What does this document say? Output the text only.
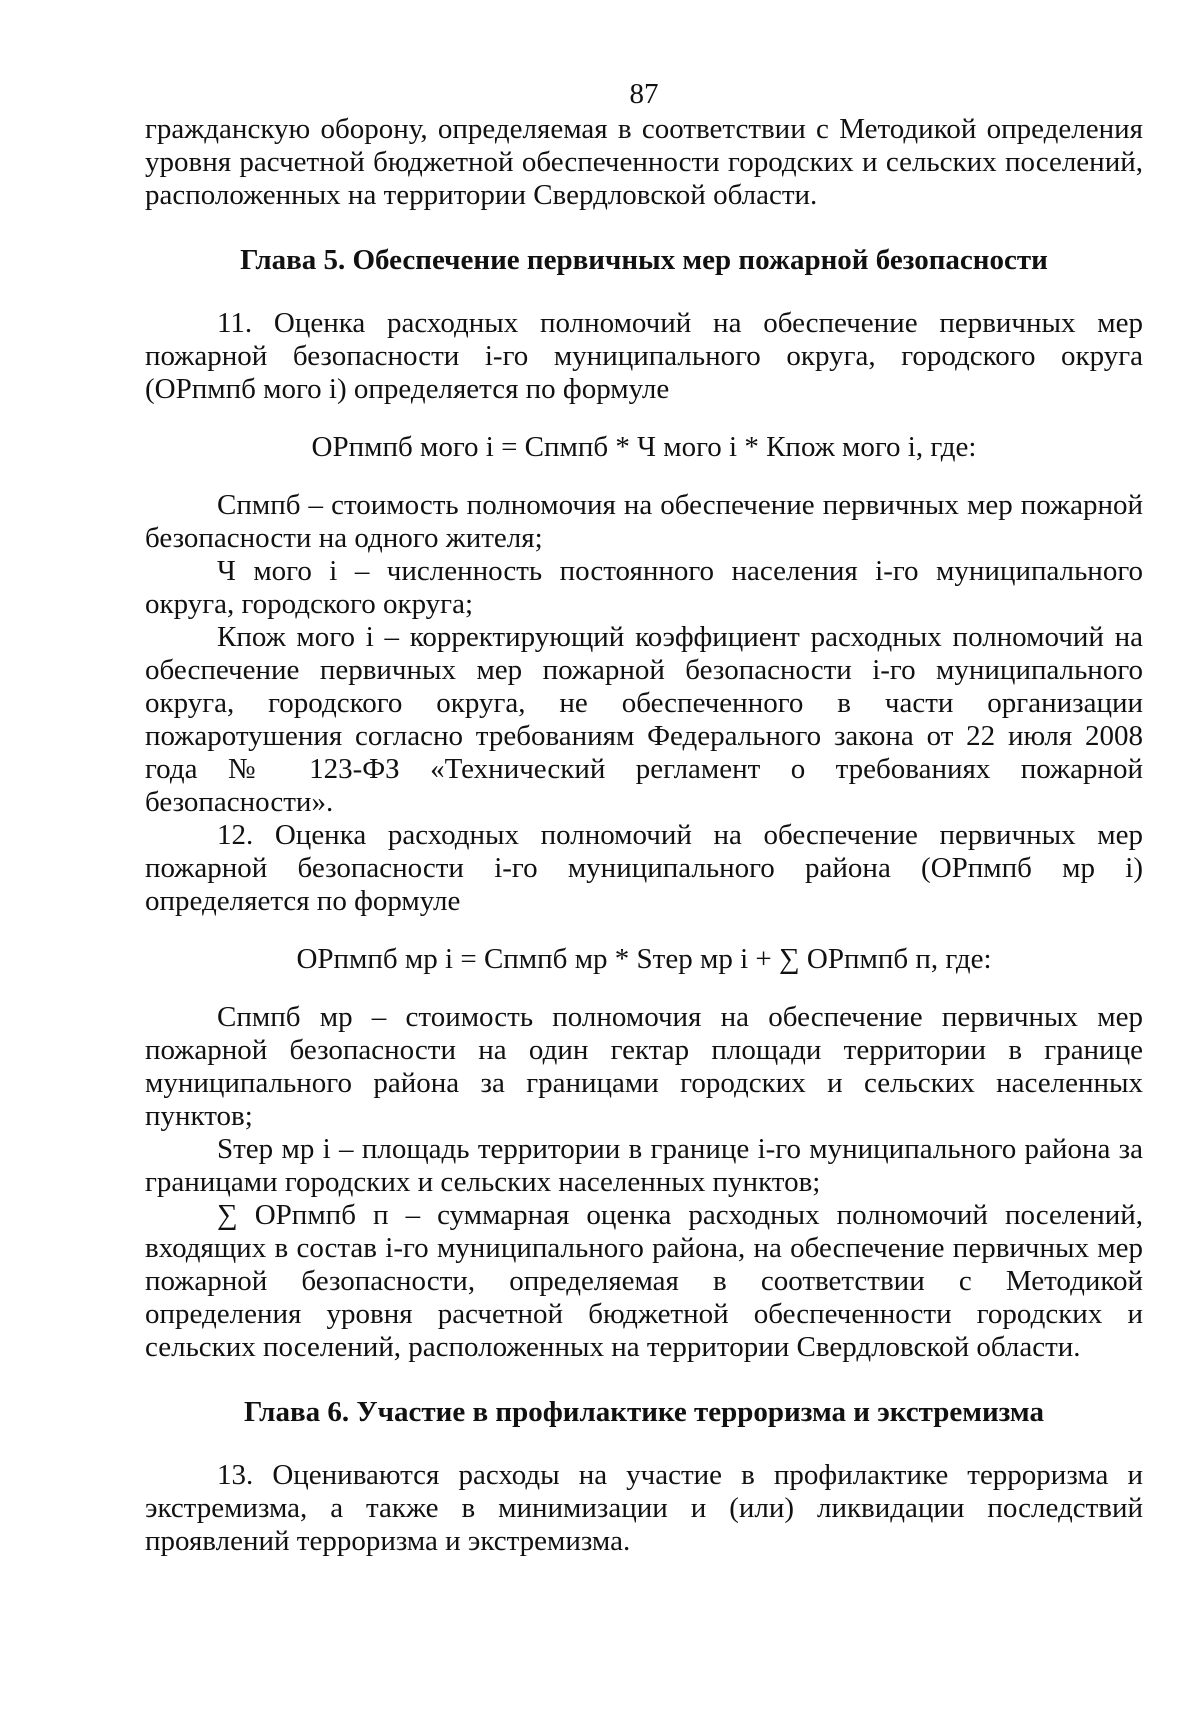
87

гражданскую оборону, определяемая в соответствии с Методикой определения уровня расчетной бюджетной обеспеченности городских и сельских поселений, расположенных на территории Свердловской области.

Глава 5. Обеспечение первичных мер пожарной безопасности

11. Оценка расходных полномочий на обеспечение первичных мер пожарной безопасности i-го муниципального округа, городского округа (ОРпмпб мого i) определяется по формуле

ОРпмпб мого i = Спмпб * Ч мого i * Кпож мого i, где:

Спмпб – стоимость полномочия на обеспечение первичных мер пожарной безопасности на одного жителя;

Ч мого i – численность постоянного населения i-го муниципального округа, городского округа;

Кпож мого i – корректирующий коэффициент расходных полномочий на обеспечение первичных мер пожарной безопасности i-го муниципального округа, городского округа, не обеспеченного в части организации пожаротушения согласно требованиям Федерального закона от 22 июля 2008 года № 123-ФЗ «Технический регламент о требованиях пожарной безопасности».

12. Оценка расходных полномочий на обеспечение первичных мер пожарной безопасности i-го муниципального района (ОРпмпб мр i) определяется по формуле

ОРпмпб мр i = Спмпб мр * Sтер мр i + ∑ ОРпмпб п, где:

Спмпб мр – стоимость полномочия на обеспечение первичных мер пожарной безопасности на один гектар площади территории в границе муниципального района за границами городских и сельских населенных пунктов;

Sтер мр i – площадь территории в границе i-го муниципального района за границами городских и сельских населенных пунктов;

∑ ОРпмпб п – суммарная оценка расходных полномочий поселений, входящих в состав i-го муниципального района, на обеспечение первичных мер пожарной безопасности, определяемая в соответствии с Методикой определения уровня расчетной бюджетной обеспеченности городских и сельских поселений, расположенных на территории Свердловской области.

Глава 6. Участие в профилактике терроризма и экстремизма

13. Оцениваются расходы на участие в профилактике терроризма и экстремизма, а также в минимизации и (или) ликвидации последствий проявлений терроризма и экстремизма.
